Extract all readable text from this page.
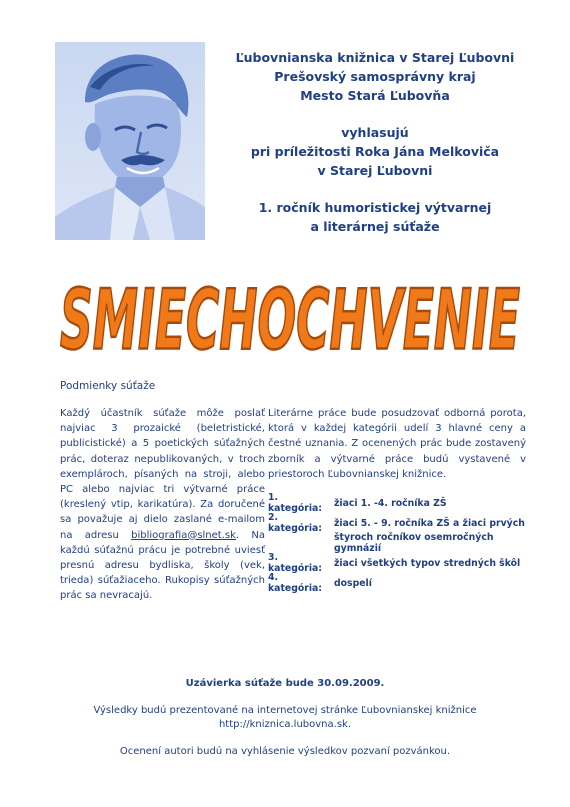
Ľubovnianska knižnica v Starej Ľubovni
Prešovský samosprávny kraj
Mesto Stará Ľubovňa
vyhlasujú
pri príležitosti Roka Jána Melkoviča
v Starej Ľubovni
1. ročník humoristickej výtvarnej
a literárnej súťaže
SMIECHOCHVENIE
Podmienky súťaže
Každý účastník súťaže môže poslať najviac 3 prozaické (beletristické, publicistické) a 5 poetických súťažných prác, doteraz nepublikovaných, v troch exemplároch, písaných na stroji, alebo PC alebo najviac tri výtvarné práce (kreslený vtip, karikatúra). Za doručené sa považuje aj dielo zaslané e-mailom na adresu bibliografia@slnet.sk. Na každú súťažnú prácu je potrebné uviesť presnú adresu bydliska, školy (vek, trieda) súťažiaceho. Rukopisy súťažných prác sa nevracajú.
Literárne práce bude posudzovať odborná porota, ktorá v každej kategórii udelí 3 hlavné ceny a čestné uznania. Z ocenených prác bude zostavený zborník a výtvarné práce budú vystavené v priestoroch Ľubovnianskej knižnice.
1. kategória:	žiaci 1. -4. ročníka ZŠ
2. kategória:	žiaci 5. - 9. ročníka ZŠ a žiaci prvých
štyroch ročníkov osemročných gymnázií
3. kategória:	žiaci všetkých typov stredných škôl
4. kategória:	dospelí
Uzávierka súťaže bude 30.09.2009.
Výsledky budú prezentované na internetovej stránke Ľubovnianskej knižnice
http://kniznica.lubovna.sk.
Ocenení autori budú na vyhlásenie výsledkov pozvaní pozvánkou.
